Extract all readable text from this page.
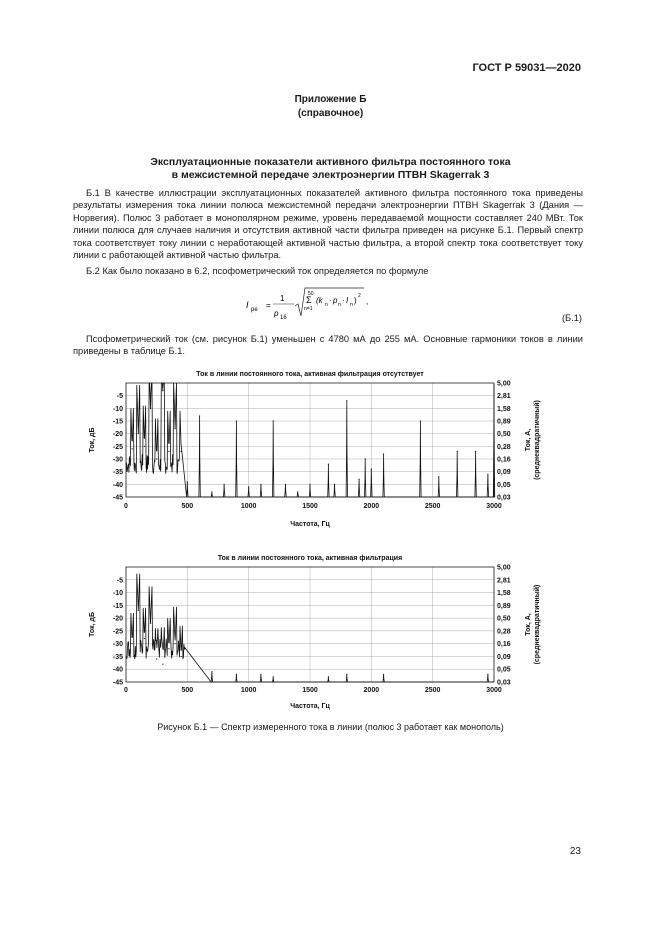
ГОСТ Р 59031—2020
Приложение Б
(справочное)
Эксплуатационные показатели активного фильтра постоянного тока
в межсистемной передаче электроэнергии ПТВН Skagerrak 3
Б.1 В качестве иллюстрации эксплуатационных показателей активного фильтра постоянного тока приведены результаты измерения тока линии полюса межсистемной передачи электроэнергии ПТВН Skagerrak 3 (Дания — Норвегия). Полюс 3 работает в монополярном режиме, уровень передаваемой мощности составляет 240 МВт. Ток линии полюса для случаев наличия и отсутствия активной части фильтра приведен на рисунке Б.1. Первый спектр тока соответствует току линии с неработающей активной частью фильтра, а второй спектр тока соответствует току линии с работающей активной частью фильтра.
Б.2 Как было показано в 6.2, псофометрический ток определяется по формуле
I pe =
1
p 16
50
Σ
n=1
(k n · p n · I n ) 2
,
(Б.1)
Псофометрический ток (см. рисунок Б.1) уменьшен с 4780 мА до 255 мА. Основные гармоники токов в линии приведены в таблице Б.1.
Ток в линии постоянного тока, активная фильтрация отсутствует
0	500	1000	1500	2000	2500	3000
-5
-10
-15
-20
-25
-30
-35
-40
-45
5,00
2,81
1,58
0,89
0,50
0,28
0,16
0,09
0,05
0,03
Частота, Гц
Ток, дБ	Ток, А, (среднеквадратичный)
Ток в линии постоянного тока, активная фильтрация
0	500	1000	1500	2000	2500	3000
-5
-10
-15
-20
-25
-30
-35
-40
-45
5,00
2,81
1,58
0,89
0,50
0,28
0,16
0,09
0,05
0,03
Частота, Гц
Ток, дБ	Ток, А, (среднеквадратичный)
Рисунок Б.1 — Спектр измеренного тока в линии (полюс 3 работает как монополь)
23
